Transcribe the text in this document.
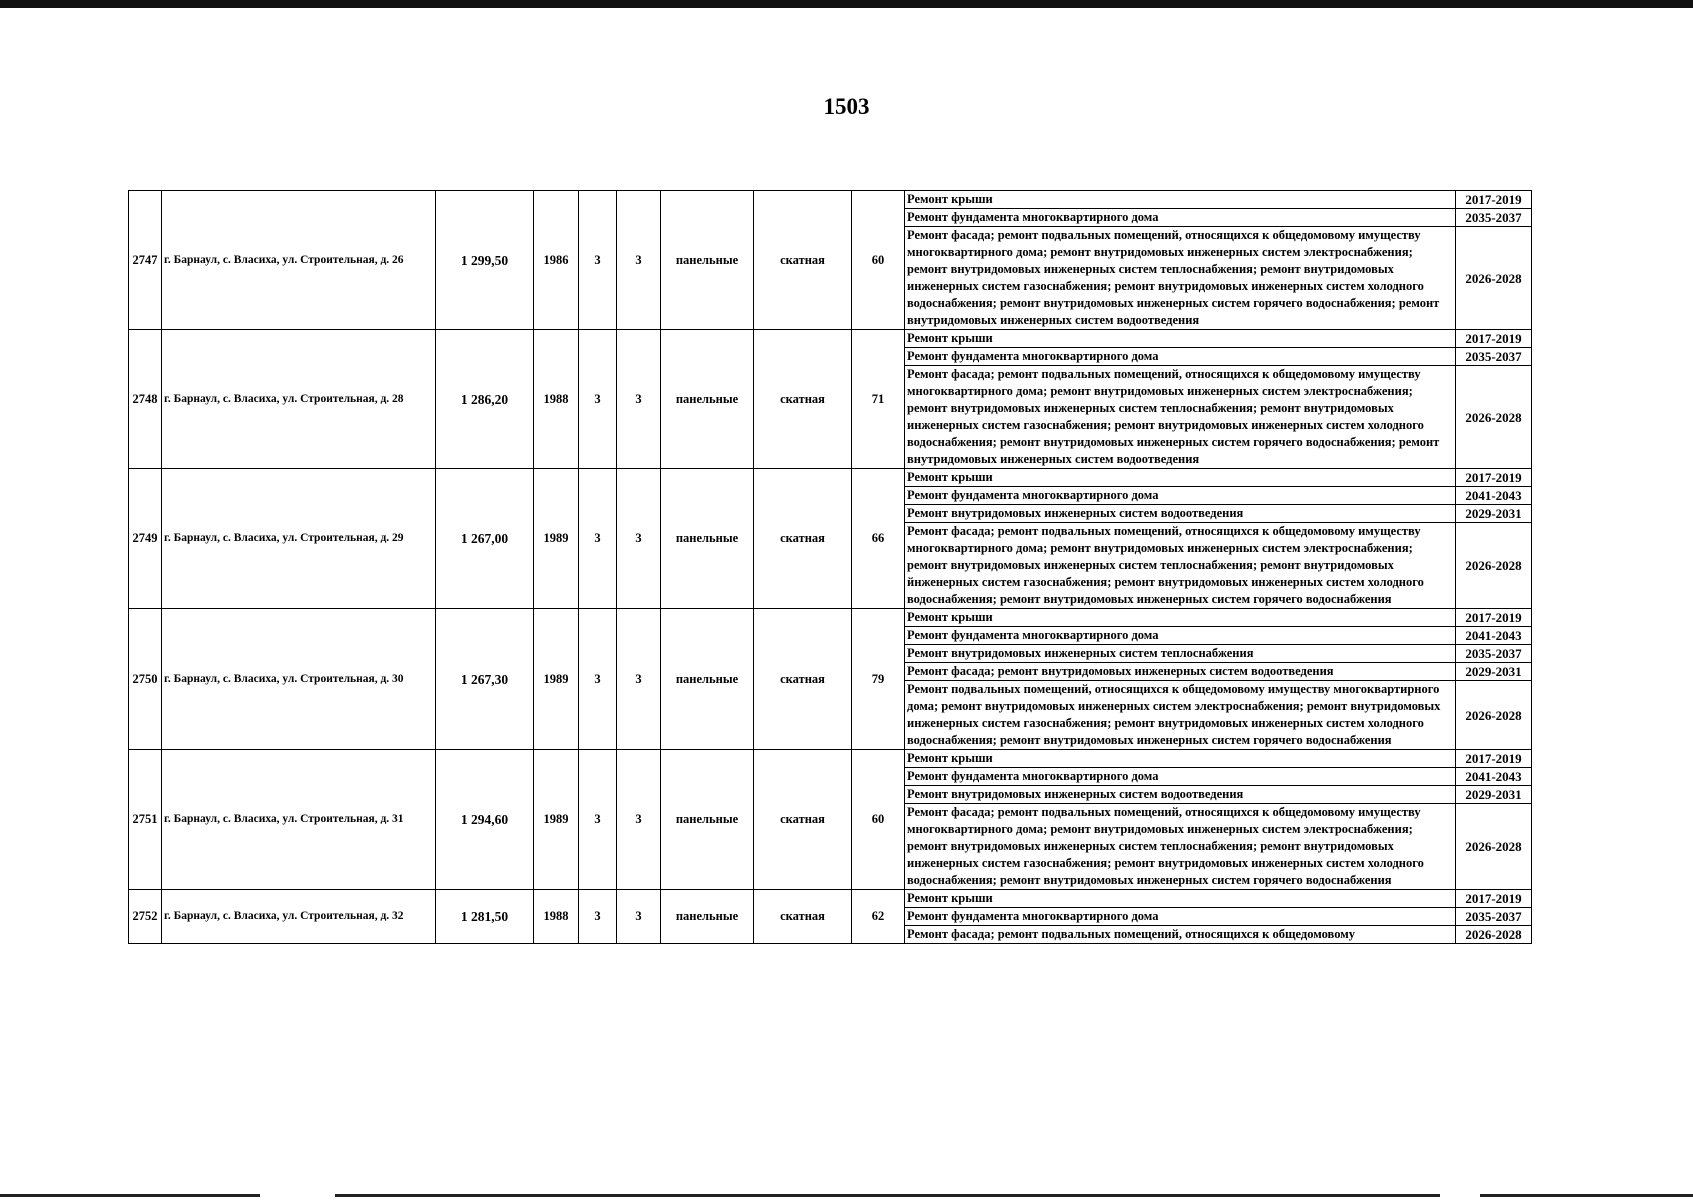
1503
2747	г. Барнаул, с. Власиха, ул. Строительная, д. 26	1 299,50	1986	3	3	панельные	скатная	60	Ремонт крыши	2017-2019
									Ремонт фундамента многоквартирного дома	2035-2037
									Ремонт фасада; ремонт подвальных помещений, относящихся к общедомовому имуществу многоквартирного дома; ремонт внутридомовых инженерных систем электроснабжения; ремонт внутридомовых инженерных систем теплоснабжения; ремонт внутридомовых инженерных систем газоснабжения; ремонт внутридомовых инженерных систем холодного водоснабжения; ремонт внутридомовых инженерных систем горячего водоснабжения; ремонт внутридомовых инженерных систем водоотведения	2026-2028
2748	г. Барнаул, с. Власиха, ул. Строительная, д. 28	1 286,20	1988	3	3	панельные	скатная	71	Ремонт крыши	2017-2019
									Ремонт фундамента многоквартирного дома	2035-2037
									Ремонт фасада; ремонт подвальных помещений, относящихся к общедомовому имуществу многоквартирного дома; ремонт внутридомовых инженерных систем электроснабжения; ремонт внутридомовых инженерных систем теплоснабжения; ремонт внутридомовых инженерных систем газоснабжения; ремонт внутридомовых инженерных систем холодного водоснабжения; ремонт внутридомовых инженерных систем горячего водоснабжения; ремонт внутридомовых инженерных систем водоотведения	2026-2028
2749	г. Барнаул, с. Власиха, ул. Строительная, д. 29	1 267,00	1989	3	3	панельные	скатная	66	Ремонт крыши	2017-2019
									Ремонт фундамента многоквартирного дома	2041-2043
									Ремонт внутридомовых инженерных систем водоотведения	2029-2031
									Ремонт фасада; ремонт подвальных помещений, относящихся к общедомовому имуществу многоквартирного дома; ремонт внутридомовых инженерных систем электроснабжения; ремонт внутридомовых инженерных систем теплоснабжения; ремонт внутридомовых йнженерных систем газоснабжения; ремонт внутридомовых инженерных систем холодного водоснабжения; ремонт внутридомовых инженерных систем горячего водоснабжения	2026-2028
2750	г. Барнаул, с. Власиха, ул. Строительная, д. 30	1 267,30	1989	3	3	панельные	скатная	79	Ремонт крыши	2017-2019
									Ремонт фундамента многоквартирного дома	2041-2043
									Ремонт внутридомовых инженерных систем теплоснабжения	2035-2037
									Ремонт фасада; ремонт внутридомовых инженерных систем водоотведения	2029-2031
									Ремонт подвальных помещений, относящихся к общедомовому имуществу многоквартирного дома; ремонт внутридомовых инженерных систем электроснабжения; ремонт внутридомовых инженерных систем газоснабжения; ремонт внутридомовых инженерных систем холодного водоснабжения; ремонт внутридомовых инженерных систем горячего водоснабжения	2026-2028
2751	г. Барнаул, с. Власиха, ул. Строительная, д. 31	1 294,60	1989	3	3	панельные	скатная	60	Ремонт крыши	2017-2019
									Ремонт фундамента многоквартирного дома	2041-2043
									Ремонт внутридомовых инженерных систем водоотведения	2029-2031
									Ремонт фасада; ремонт подвальных помещений, относящихся к общедомовому имуществу многоквартирного дома; ремонт внутридомовых инженерных систем электроснабжения; ремонт внутридомовых инженерных систем теплоснабжения; ремонт внутридомовых инженерных систем газоснабжения; ремонт внутридомовых инженерных систем холодного водоснабжения; ремонт внутридомовых инженерных систем горячего водоснабжения	2026-2028
2752	г. Барнаул, с. Власиха, ул. Строительная, д. 32	1 281,50	1988	3	3	панельные	скатная	62	Ремонт крыши	2017-2019
									Ремонт фундамента многоквартирного дома	2035-2037
									Ремонт фасада; ремонт подвальных помещений, относящихся к общедомовому	2026-2028
